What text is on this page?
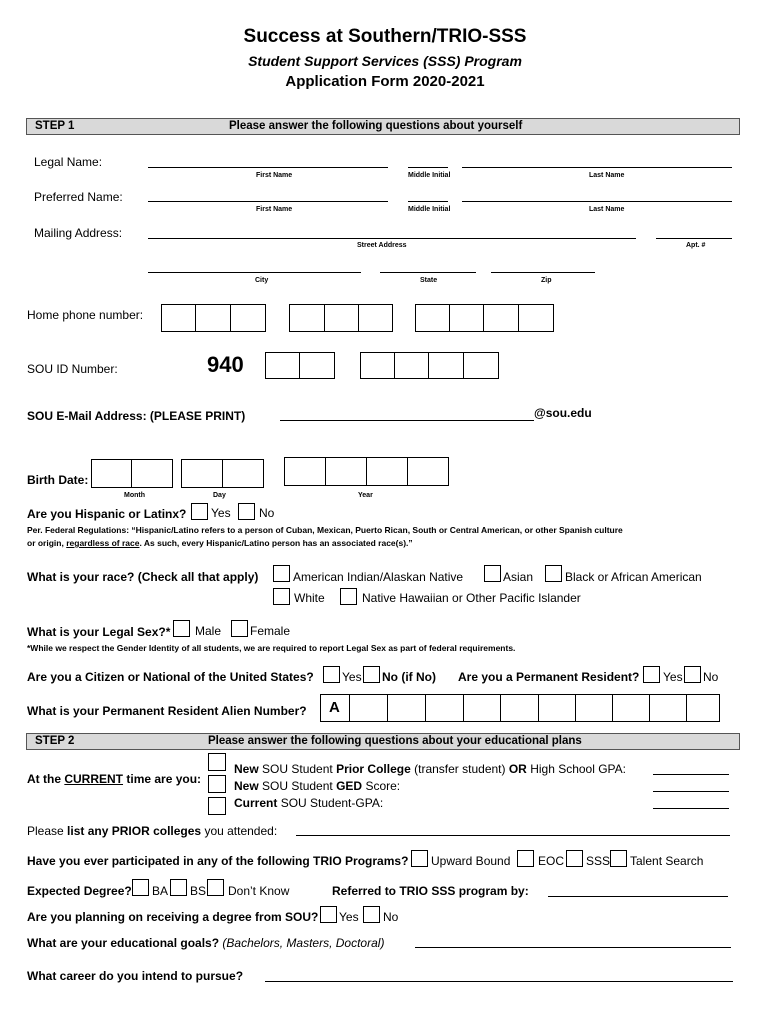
Success at Southern/TRIO-SSS
Student Support Services (SSS) Program
Application Form 2020-2021
STEP 1	Please answer the following questions about yourself
Legal Name:
First Name	Middle Initial	Last Name
Preferred Name:
First Name	Middle Initial	Last Name
Mailing Address:
Street Address	Apt. #
City	State	Zip
Home phone number:
SOU ID Number:	940
SOU E-Mail Address: (PLEASE PRINT)	@sou.edu
Birth Date:
Month	Day	Year
Are you Hispanic or Latinx? Yes No
Per. Federal Regulations: “Hispanic/Latino refers to a person of Cuban, Mexican, Puerto Rican, South or Central American, or other Spanish culture
or origin, regardless of race. As such, every Hispanic/Latino person has an associated race(s).”
What is your race? (Check all that apply)	American Indian/Alaskan Native	Asian	Black or African American
White	Native Hawaiian or Other Pacific Islander
What is your Legal Sex?* Male Female
*While we respect the Gender Identity of all students, we are required to report Legal Sex as part of federal requirements.
Are you a Citizen or National of the United States? Yes No (if No) Are you a Permanent Resident? Yes No
What is your Permanent Resident Alien Number? A
STEP 2	Please answer the following questions about your educational plans
At the CURRENT time are you:
New SOU Student Prior College (transfer student) OR High School GPA:
New SOU Student GED Score:
Current SOU Student-GPA:
Please list any PRIOR colleges you attended:
Have you ever participated in any of the following TRIO Programs? Upward Bound EOC SSS Talent Search
Expected Degree? BA BS Don’t Know	Referred to TRIO SSS program by:
Are you planning on receiving a degree from SOU? Yes No
What are your educational goals? (Bachelors, Masters, Doctoral)
What career do you intend to pursue?
